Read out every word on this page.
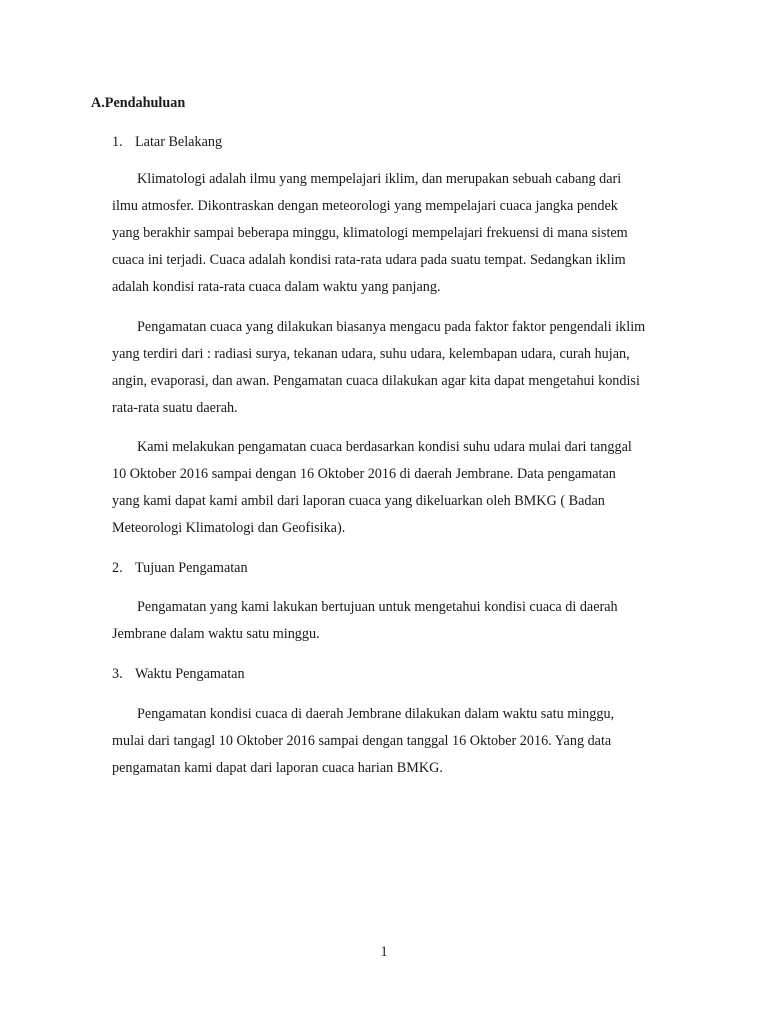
A.Pendahuluan
1. Latar Belakang
Klimatologi adalah ilmu yang mempelajari iklim, dan merupakan sebuah cabang dari
ilmu atmosfer. Dikontraskan dengan meteorologi yang mempelajari cuaca jangka pendek
yang berakhir sampai beberapa minggu, klimatologi mempelajari frekuensi di mana sistem
cuaca ini terjadi. Cuaca adalah kondisi rata-rata udara pada suatu tempat. Sedangkan iklim
adalah kondisi rata-rata cuaca dalam waktu yang panjang.
Pengamatan cuaca yang dilakukan biasanya mengacu pada faktor faktor pengendali iklim
yang terdiri dari : radiasi surya, tekanan udara, suhu udara, kelembapan udara, curah hujan,
angin, evaporasi, dan awan. Pengamatan cuaca dilakukan agar kita dapat mengetahui kondisi
rata-rata suatu daerah.
Kami melakukan pengamatan cuaca berdasarkan kondisi suhu udara mulai dari tanggal
10 Oktober 2016 sampai dengan 16 Oktober 2016 di daerah Jembrane. Data pengamatan
yang kami dapat kami ambil dari laporan cuaca yang dikeluarkan oleh BMKG ( Badan
Meteorologi Klimatologi dan Geofisika).
2. Tujuan Pengamatan
Pengamatan yang kami lakukan bertujuan untuk mengetahui kondisi cuaca di daerah
Jembrane dalam waktu satu minggu.
3. Waktu Pengamatan
Pengamatan kondisi cuaca di daerah Jembrane dilakukan dalam waktu satu minggu,
mulai dari tangagl 10 Oktober 2016 sampai dengan tanggal 16 Oktober 2016. Yang data
pengamatan kami dapat dari laporan cuaca harian BMKG.
1
